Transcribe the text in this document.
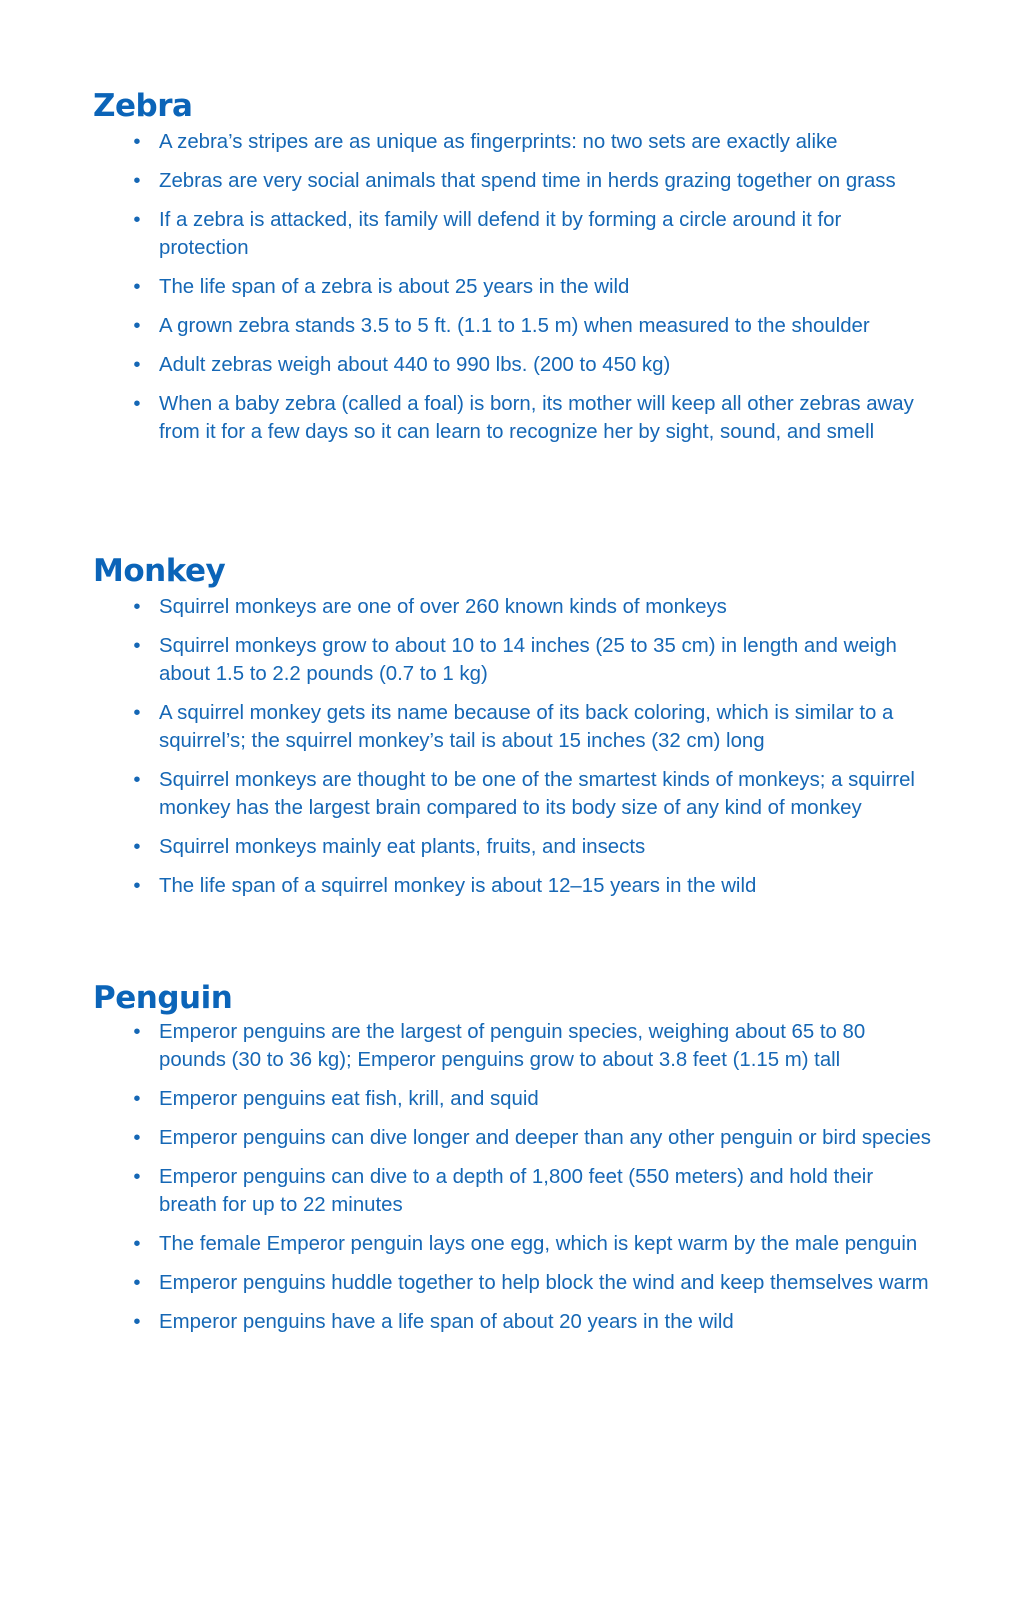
Zebra
• A zebra’s stripes are as unique as fingerprints: no two sets are exactly alike
• Zebras are very social animals that spend time in herds grazing together on grass
• If a zebra is attacked, its family will defend it by forming a circle around it for protection
• The life span of a zebra is about 25 years in the wild
• A grown zebra stands 3.5 to 5 ft. (1.1 to 1.5 m) when measured to the shoulder
• Adult zebras weigh about 440 to 990 lbs. (200 to 450 kg)
• When a baby zebra (called a foal) is born, its mother will keep all other zebras away from it for a few days so it can learn to recognize her by sight, sound, and smell
Monkey
• Squirrel monkeys are one of over 260 known kinds of monkeys
• Squirrel monkeys grow to about 10 to 14 inches (25 to 35 cm) in length and weigh about 1.5 to 2.2 pounds (0.7 to 1 kg)
• A squirrel monkey gets its name because of its back coloring, which is similar to a squirrel’s; the squirrel monkey’s tail is about 15 inches (32 cm) long
• Squirrel monkeys are thought to be one of the smartest kinds of monkeys; a squirrel monkey has the largest brain compared to its body size of any kind of monkey
• Squirrel monkeys mainly eat plants, fruits, and insects
• The life span of a squirrel monkey is about 12–15 years in the wild
Penguin
• Emperor penguins are the largest of penguin species, weighing about 65 to 80 pounds (30 to 36 kg); Emperor penguins grow to about 3.8 feet (1.15 m) tall
• Emperor penguins eat fish, krill, and squid
• Emperor penguins can dive longer and deeper than any other penguin or bird species
• Emperor penguins can dive to a depth of 1,800 feet (550 meters) and hold their breath for up to 22 minutes
• The female Emperor penguin lays one egg, which is kept warm by the male penguin
• Emperor penguins huddle together to help block the wind and keep themselves warm
• Emperor penguins have a life span of about 20 years in the wild
